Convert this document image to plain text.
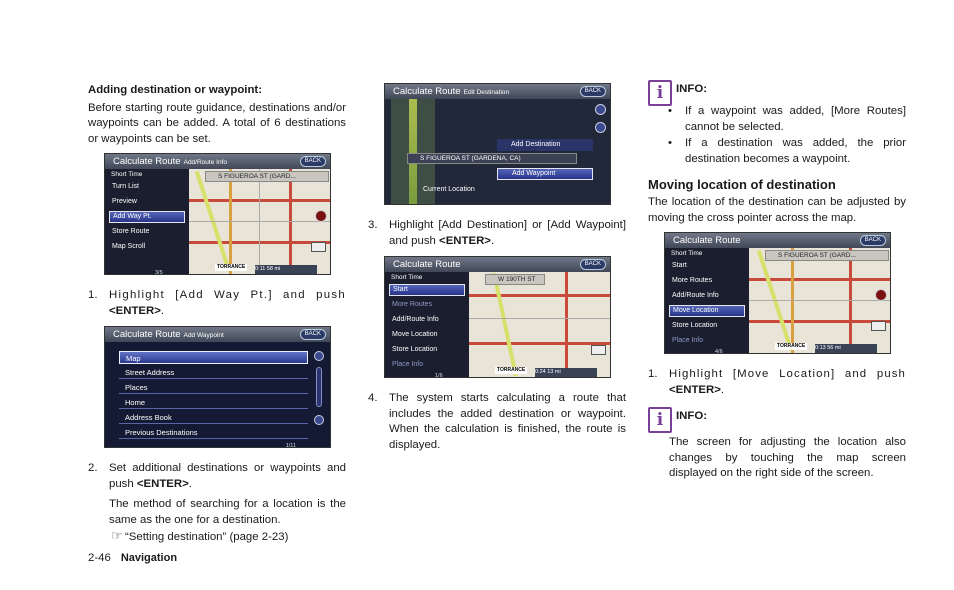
Adding destination or waypoint:
Before starting route guidance, destinations and/or waypoints can be added. A total of 6 destinations or waypoints can be set.
Calculate Route Add/Route Info	BACK
Short Time
Turn List
Preview
Add Way Pt.
Store Route
Map Scroll
3/5
S FIGUEROA ST (GARD...
TORRANCE	0:11 58 mi
1. Highlight [Add Way Pt.] and push <ENTER>.
Calculate Route Add Waypoint	BACK
Map
Street Address
Places
Home
Address Book
Previous Destinations
1/11
2. Set additional destinations or waypoints and push <ENTER>.
The method of searching for a location is the same as the one for a destination.
☞ “Setting destination” (page 2-23)
Calculate Route Edit Destination	BACK
S FIGUEROA ST (GARDENA, CA)
Add Destination
Add Waypoint
Current Location
3. Highlight [Add Destination] or [Add Waypoint] and push <ENTER>.
Calculate Route	BACK
Short Time
Start
More Routes
Add/Route Info
Move Location
Store Location
Place Info
1/6
W 190TH ST
TORRANCE	0:24 13 mi
4. The system starts calculating a route that includes the added destination or waypoint. When the calculation is finished, the route is displayed.
i INFO:
• If a waypoint was added, [More Routes] cannot be selected.
• If a destination was added, the prior destination becomes a waypoint.
Moving location of destination
The location of the destination can be adjusted by moving the cross pointer across the map.
Calculate Route	BACK
Short Time
Start
More Routes
Add/Route Info
Move Location
Store Location
Place Info
4/6
S FIGUEROA ST (GARD...
TORRANCE	0:13 56 mi
1. Highlight [Move Location] and push <ENTER>.
i INFO:
The screen for adjusting the location also changes by touching the map screen displayed on the right side of the screen.
2-46 Navigation
